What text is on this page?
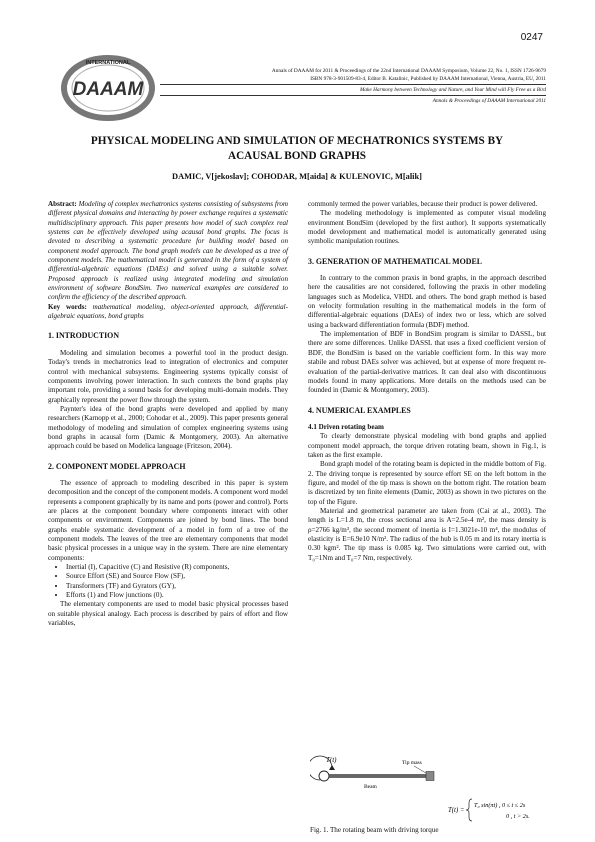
0247
INTERNATIONAL
DAAAM
Annals of DAAAM for 2011 & Proceedings of the 22nd International DAAAM Symposium, Volume 22, No. 1, ISSN 1726-9679
ISBN 978-3-901509-83-4, Editor B. Katalinic, Published by DAAAM International, Vienna, Austria, EU, 2011
Make Harmony between Technology and Nature, and Your Mind will Fly Free as a Bird
Annals & Proceedings of DAAAM International 2011
PHYSICAL MODELING AND SIMULATION OF MECHATRONICS SYSTEMS BY
ACAUSAL BOND GRAPHS
DAMIC, V[jekoslav]; COHODAR, M[aida] & KULENOVIC, M[alik]

Abstract: Modeling of complex mechatronics systems consisting of subsystems from different physical domains and interacting by power exchange requires a systematic multidisciplinary approach. This paper presents how model of such complex real systems can be effectively developed using acausal bond graphs. The focus is devoted to describing a systematic procedure for building model based on component model approach. The bond graph models can be developed as a tree of component models. The mathematical model is generated in the form of a system of differential-algebraic equations (DAEs) and solved using a suitable solver. Proposed approach is realized using integrated modeling and simulation environment of software BondSim. Two numerical examples are considered to confirm the efficiency of the described approach.

Key words: mathematical modeling, object-oriented approach, differential-algebraic equations, bond graphs

1. INTRODUCTION

Modeling and simulation becomes a powerful tool in the product design. Today's trends in mechatronics lead to integration of electronics and computer control with mechanical subsystems. Engineering systems typically consist of components involving power interaction. In such contexts the bond graphs play important role, providing a sound basis for developing multi-domain models. They graphically represent the power flow through the system.

Paynter's idea of the bond graphs were developed and applied by many researchers (Karnopp et al., 2000; Cohodar et al., 2009). This paper presents general methodology of modeling and simulation of complex engineering systems using bond graphs in acausal form (Damic & Montgomery, 2003). An alternative approach could be based on Modelica language (Fritzson, 2004).

2. COMPONENT MODEL APPROACH

The essence of approach to modeling described in this paper is system decomposition and the concept of the component models. A component word model represents a component graphically by its name and ports (power and control). Ports are places at the component boundary where components interact with other components or environment. Components are joined by bond lines. The bond graphs enable systematic development of a model in form of a tree of the component models. The leaves of the tree are elementary components that model basic physical processes in a unique way in the system. There are nine elementary components:

• Inertial (I), Capacitive (C) and Resistive (R) components,
• Source Effort (SE) and Source Flow (SF),
• Transformers (TF) and Gyrators (GY),
• Efforts (1) and Flow junctions (0).

The elementary components are used to model basic physical processes based on suitable physical analogy. Each process is described by pairs of effort and flow variables,

commonly termed the power variables, because their product is power delivered.

The modeling methodology is implemented as computer visual modeling environment BondSim (developed by the first author). It supports systematically model development and mathematical model is automatically generated using symbolic manipulation routines.

3. GENERATION OF MATHEMATICAL MODEL

In contrary to the common praxis in bond graphs, in the approach described here the causalities are not considered, following the praxis in other modeling languages such as Modelica, VHDL and others. The bond graph method is based on velocity formulation resulting in the mathematical models in the form of differential-algebraic equations (DAEs) of index two or less, which are solved using a backward differentiation formula (BDF) method.

The implementation of BDF in BondSim program is similar to DASSL, but there are some differences. Unlike DASSL that uses a fixed coefficient version of BDF, the BondSim is based on the variable coefficient form. In this way more stabile and robust DAEs solver was achieved, but at expense of more frequent re-evaluation of the partial-derivative matrices. It can deal also with discontinuous models found in many applications. More details on the methods used can be founded in (Damic & Montgomery, 2003).

4. NUMERICAL EXAMPLES
4.1 Driven rotating beam

To clearly demonstrate physical modeling with bond graphs and applied component model approach, the torque driven rotating beam, shown in Fig.1, is taken as the first example.

Bond graph model of the rotating beam is depicted in the middle bottom of Fig. 2. The driving torque is represented by source effort SE on the left bottom in the figure, and model of the tip mass is shown on the bottom right. The rotation beam is discretized by ten finite elements (Damic, 2003) as shown in two pictures on the top of the Figure.

Material and geometrical parameter are taken from (Cai at al., 2003). The length is L=1.8 m, the cross sectional area is A=2.5e-4 m², the mass density is ρ=2766 kg/m³, the second moment of inertia is I=1.3021e-10 m⁴, the modulus of elasticity is E=6.9e10 N/m². The radius of the hub is 0.05 m and its rotary inertia is 0.30 kgm². The tip mass is 0.085 kg. Two simulations were carried out, with T₀=1Nm and T₀=7 Nm, respectively.

T(t)
Beam
Tip mass
T(t) =
T₀ sin(πt) , 0 ≤ t ≤ 2s
0 , t > 2s.
Fig. 1. The rotating beam with driving torque
